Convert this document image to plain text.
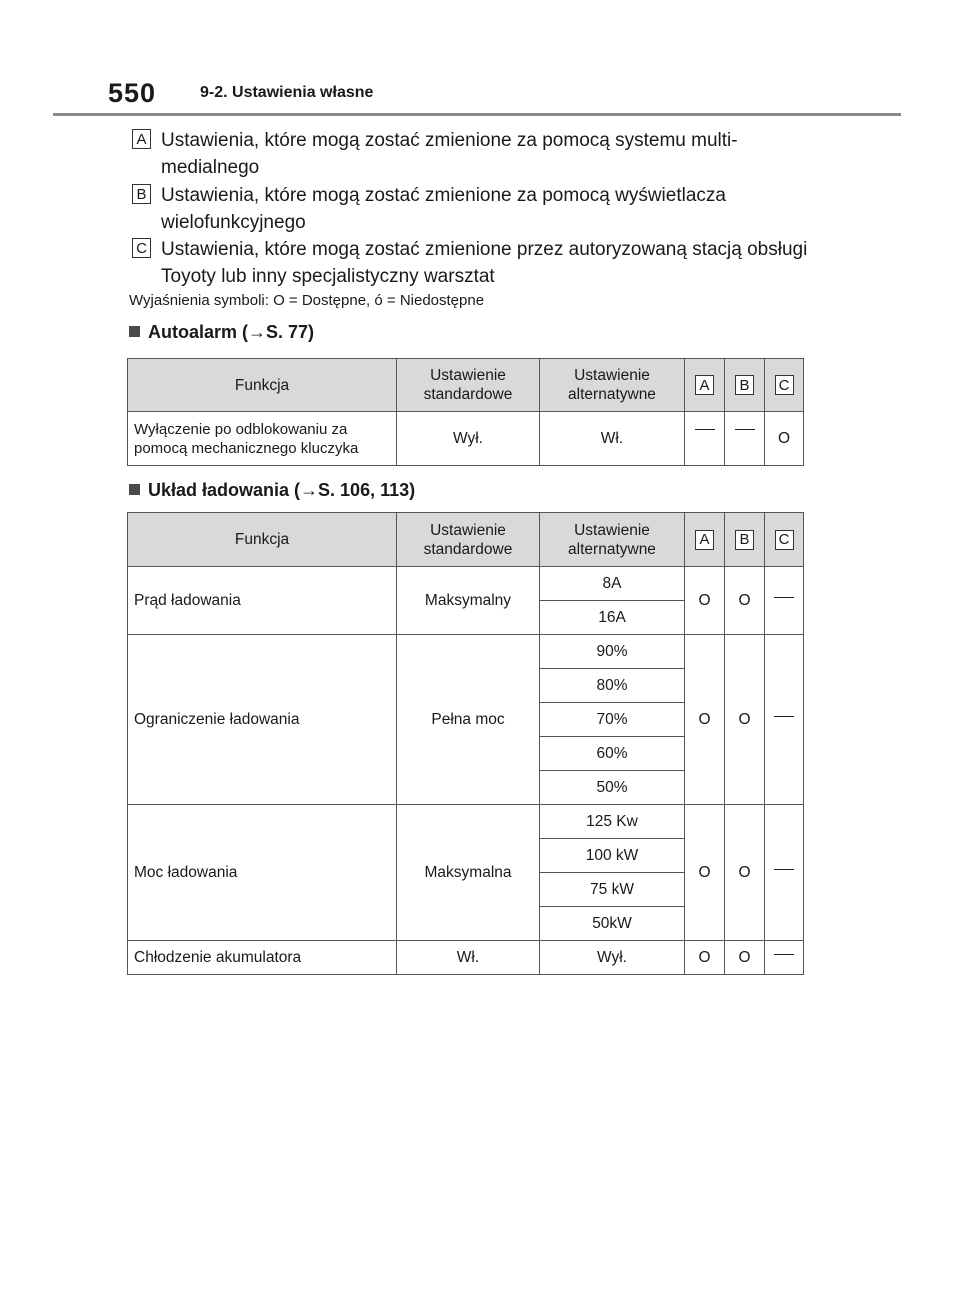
550	9-2. Ustawienia własne
A Ustawienia, które mogą zostać zmienione za pomocą systemu multi-medialnego
B Ustawienia, które mogą zostać zmienione za pomocą wyświetlacza wielofunkcyjnego
C Ustawienia, które mogą zostać zmienione przez autoryzowaną stacją obsługi Toyoty lub inny specjalistyczny warsztat
Wyjaśnienia symboli: O = Dostępne, ó = Niedostępne
Autoalarm (→S. 77)
Funkcja	Ustawienie standardowe	Ustawienie alternatywne	A	B	C
Wyłączenie po odblokowaniu za pomocą mechanicznego kluczyka	Wył.	Wł.			O
Układ ładowania (→S. 106, 113)
Funkcja	Ustawienie standardowe	Ustawienie alternatywne	A	B	C
Prąd ładowania	Maksymalny	8A	O	O	
		16A			
Ograniczenie ładowania	Pełna moc	90%	O	O	
		80%			
		70%			
		60%			
		50%			
Moc ładowania	Maksymalna	125 Kw	O	O	
		100 kW			
		75 kW			
		50kW			
Chłodzenie akumulatora	Wł.	Wył.	O	O	
